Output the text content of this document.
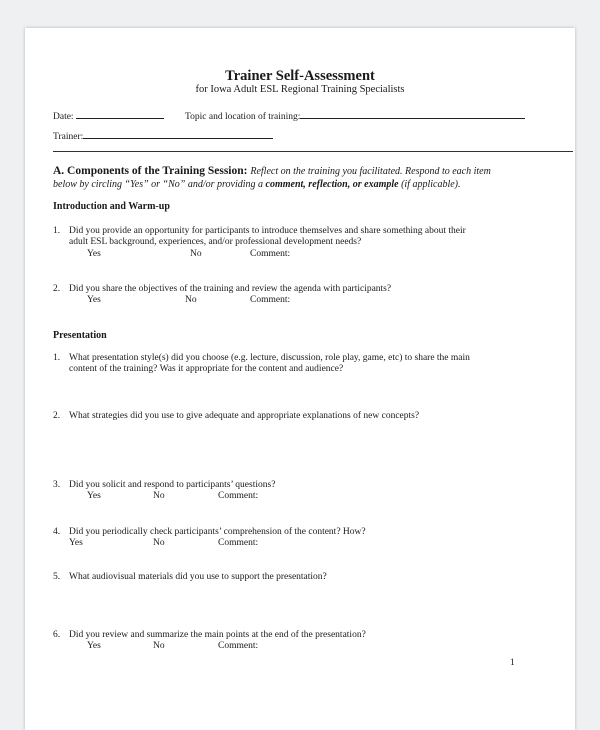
Trainer Self-Assessment
for Iowa Adult ESL Regional Training Specialists
Date:	Topic and location of training:
Trainer:
A. Components of the Training Session: Reflect on the training you facilitated. Respond to each item
below by circling “Yes” or “No” and/or providing a comment, reflection, or example (if applicable).
Introduction and Warm-up
1. Did you provide an opportunity for participants to introduce themselves and share something about their
adult ESL background, experiences, and/or professional development needs?
Yes	No	Comment:
2. Did you share the objectives of the training and review the agenda with participants?
Yes	No	Comment:
Presentation
1. What presentation style(s) did you choose (e.g. lecture, discussion, role play, game, etc) to share the main
content of the training? Was it appropriate for the content and audience?
2. What strategies did you use to give adequate and appropriate explanations of new concepts?
3. Did you solicit and respond to participants’ questions?
Yes	No	Comment:
4. Did you periodically check participants’ comprehension of the content? How?
Yes	No	Comment:
5. What audiovisual materials did you use to support the presentation?
6. Did you review and summarize the main points at the end of the presentation?
Yes	No	Comment:
1
